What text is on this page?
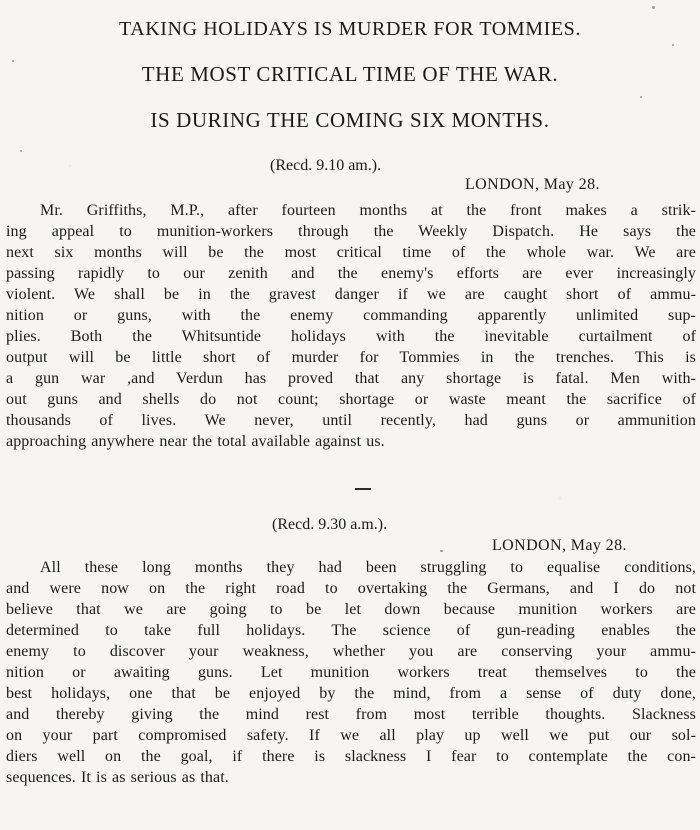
TAKING HOLIDAYS IS MURDER FOR TOMMIES.
THE MOST CRITICAL TIME OF THE WAR.
IS DURING THE COMING SIX MONTHS.
(Recd. 9.10 am.).
LONDON, May 28.
Mr. Griffiths, M.P., after fourteen months at the front makes a strik-
ing appeal to munition-workers through the Weekly Dispatch. He says the
next six months will be the most critical time of the whole war. We are
passing rapidly to our zenith and the enemy's efforts are ever increasingly
violent. We shall be in the gravest danger if we are caught short of ammu-
nition or guns, with the enemy commanding apparently unlimited sup-
plies. Both the Whitsuntide holidays with the inevitable curtailment of
output will be little short of murder for Tommies in the trenches. This is
a gun war ,and Verdun has proved that any shortage is fatal. Men with-
out guns and shells do not count; shortage or waste meant the sacrifice of
thousands of lives. We never, until recently, had guns or ammunition
approaching anywhere near the total available against us.
(Recd. 9.30 a.m.).
LONDON, May 28.
All these long months they had been struggling to equalise conditions,
and were now on the right road to overtaking the Germans, and I do not
believe that we are going to be let down because munition workers are
determined to take full holidays. The science of gun-reading enables the
enemy to discover your weakness, whether you are conserving your ammu-
nition or awaiting guns. Let munition workers treat themselves to the
best holidays, one that be enjoyed by the mind, from a sense of duty done,
and thereby giving the mind rest from most terrible thoughts. Slackness
on your part compromised safety. If we all play up well we put our sol-
diers well on the goal, if there is slackness I fear to contemplate the con-
sequences. It is as serious as that.
